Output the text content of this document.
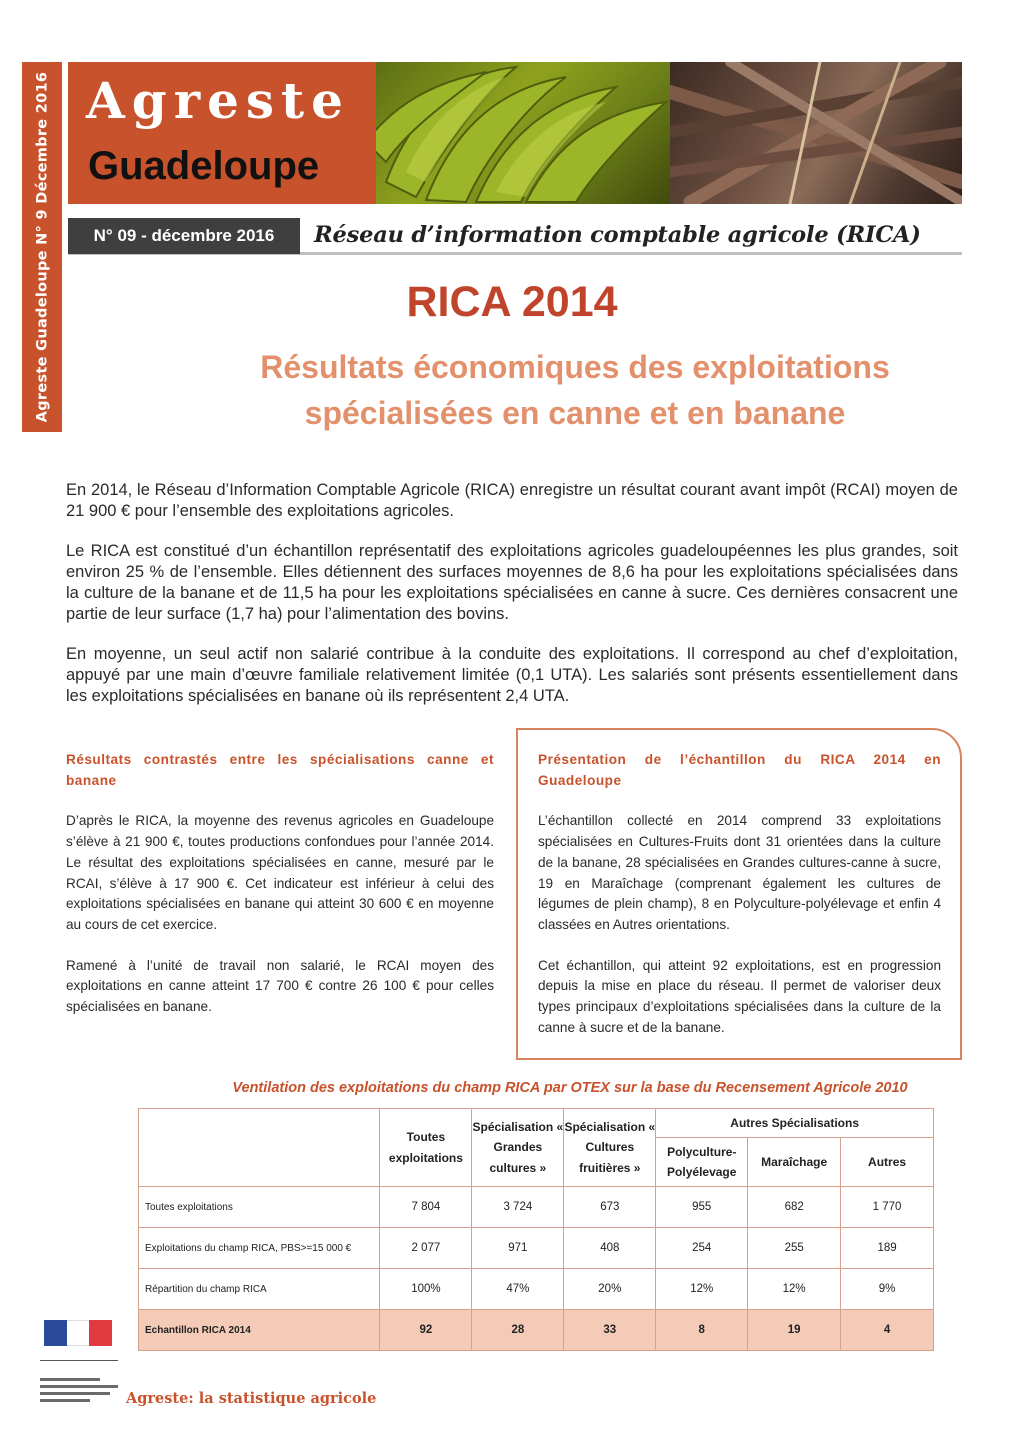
Agreste Guadeloupe N° 9 Décembre 2016 Agreste
Guadeloupe
N° 09 - décembre 2016	Réseau d’information comptable agricole (RICA)
RICA 2014
Résultats économiques des exploitations
spécialisées en canne et en banane

En 2014, le Réseau d’Information Comptable Agricole (RICA) enregistre un résultat courant avant impôt (RCAI) moyen de 21 900 € pour l’ensemble des exploitations agricoles.

Le RICA est constitué d’un échantillon représentatif des exploitations agricoles guadeloupéennes les plus grandes, soit environ 25 % de l’ensemble. Elles détiennent des surfaces moyennes de 8,6 ha pour les exploitations spécialisées dans la culture de la banane et de 11,5 ha pour les exploitations spécialisées en canne à sucre. Ces dernières consacrent une partie de leur surface (1,7 ha) pour l’alimentation des bovins.

En moyenne, un seul actif non salarié contribue à la conduite des exploitations. Il correspond au chef d’exploitation, appuyé par une main d’œuvre familiale relativement limitée (0,1 UTA). Les salariés sont présents essentiellement dans les exploitations spécialisées en banane où ils représentent 2,4 UTA.

Résultats contrastés entre les spécialisations canne et banane

D’après le RICA, la moyenne des revenus agricoles en Guadeloupe s’élève à 21 900 €, toutes productions confondues pour l’année 2014. Le résultat des exploitations spécialisées en canne, mesuré par le RCAI, s’élève à 17 900 €. Cet indicateur est inférieur à celui des exploitations spécialisées en banane qui atteint 30 600 € en moyenne au cours de cet exercice.

Ramené à l’unité de travail non salarié, le RCAI moyen des exploitations en canne atteint 17 700 € contre 26 100 € pour celles spécialisées en banane.

Présentation de l’échantillon du RICA 2014 en Guadeloupe

L’échantillon collecté en 2014 comprend 33 exploitations spécialisées en Cultures-Fruits dont 31 orientées dans la culture de la banane, 28 spécialisées en Grandes cultures-canne à sucre, 19 en Maraîchage (comprenant également les cultures de légumes de plein champ), 8 en Polyculture-polyélevage et enfin 4 classées en Autres orientations.

Cet échantillon, qui atteint 92 exploitations, est en progression depuis la mise en place du réseau. Il permet de valoriser deux types principaux d’exploitations spécialisées dans la culture de la canne à sucre et de la banane.

Ventilation des exploitations du champ RICA par OTEX sur la base du Recensement Agricole 2010
	Toutes exploitations	Spécialisation « Grandes cultures »	Spécialisation « Cultures fruitières »	Autres Spécialisations		
				Polyculture-Polyélevage	Maraîchage	Autres
Toutes exploitations	7 804	3 724	673	955	682	1 770
Exploitations du champ RICA, PBS>=15 000 €	2 077	971	408	254	255	189
Répartition du champ RICA	100%	47%	20%	12%	12%	9%
Echantillon RICA 2014	92	28	33	8	19	4
Agreste: la statistique agricole
